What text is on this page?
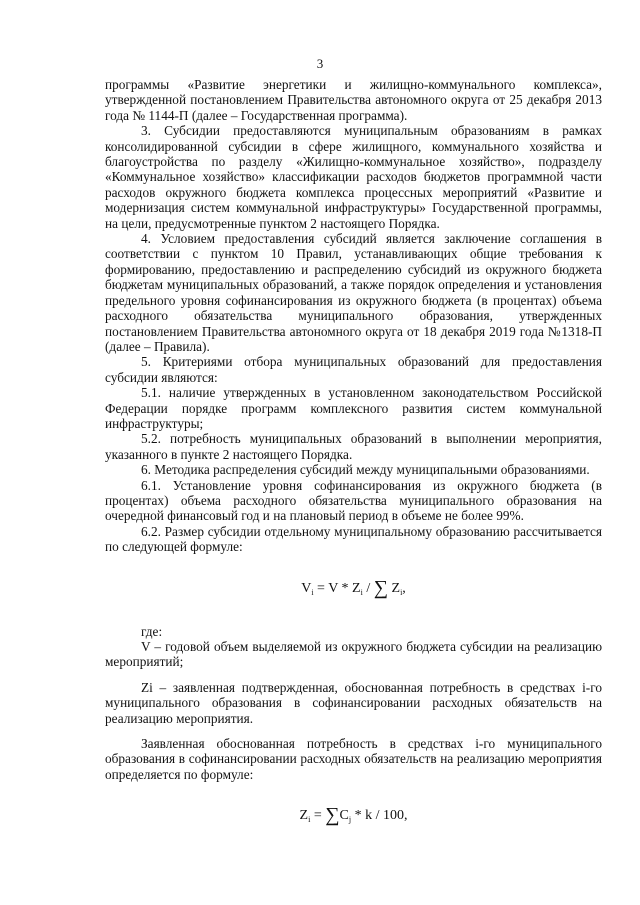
3

программы «Развитие энергетики и жилищно-коммунального комплекса», утвержденной постановлением Правительства автономного округа от 25 декабря 2013 года № 1144-П (далее – Государственная программа).

3. Субсидии предоставляются муниципальным образованиям в рамках консолидированной субсидии в сфере жилищного, коммунального хозяйства и благоустройства по разделу «Жилищно-коммунальное хозяйство», подразделу «Коммунальное хозяйство» классификации расходов бюджетов программной части расходов окружного бюджета комплекса процессных мероприятий «Развитие и модернизация систем коммунальной инфраструктуры» Государственной программы, на цели, предусмотренные пунктом 2 настоящего Порядка.

4. Условием предоставления субсидий является заключение соглашения в соответствии с пунктом 10 Правил, устанавливающих общие требования к формированию, предоставлению и распределению субсидий из окружного бюджета бюджетам муниципальных образований, а также порядок определения и установления предельного уровня софинансирования из окружного бюджета (в процентах) объема расходного обязательства муниципального образования, утвержденных постановлением Правительства автономного округа от 18 декабря 2019 года №1318-П (далее – Правила).

5. Критериями отбора муниципальных образований для предоставления субсидии являются:

5.1. наличие утвержденных в установленном законодательством Российской Федерации порядке программ комплексного развития систем коммунальной инфраструктуры;

5.2. потребность муниципальных образований в выполнении мероприятия, указанного в пункте 2 настоящего Порядка.

6. Методика распределения субсидий между муниципальными образованиями.

6.1. Установление уровня софинансирования из окружного бюджета (в процентах) объема расходного обязательства муниципального образования на очередной финансовый год и на плановый период в объеме не более 99%.

6.2. Размер субсидии отдельному муниципальному образованию рассчитывается по следующей формуле:

$V_i = V * Z_i$ / ∑ $Z_i$,

где:

V – годовой объем выделяемой из окружного бюджета субсидии на реализацию мероприятий;

Zi – заявленная подтвержденная, обоснованная потребность в средствах i-го муниципального образования в софинансировании расходных обязательств на реализацию мероприятия.

Заявленная обоснованная потребность в средствах i-го муниципального образования в софинансировании расходных обязательств на реализацию мероприятия определяется по формуле:

$Z_i = \sum C_j * k / 100$,
